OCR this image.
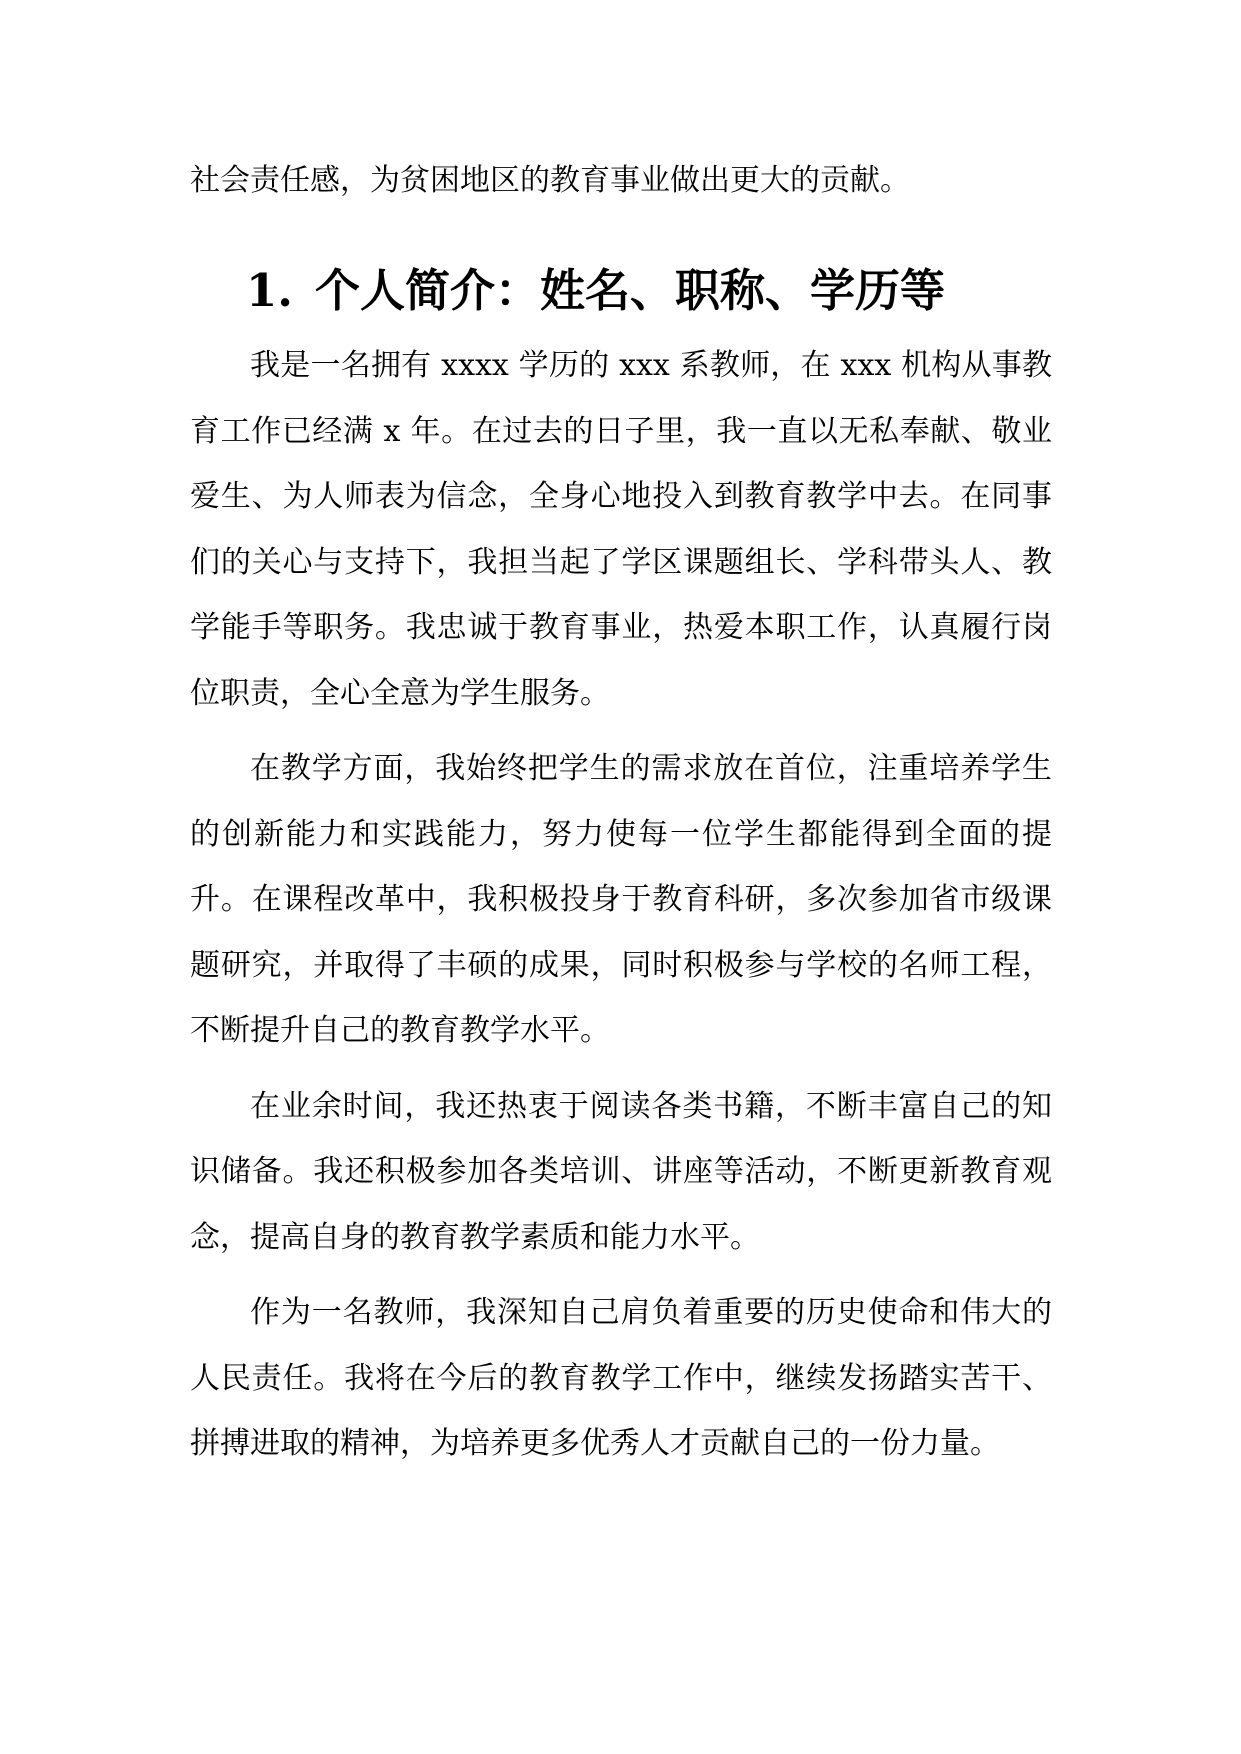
社会责任感，为贫困地区的教育事业做出更大的贡献。

1. 个人简介：姓名、职称、学历等

我是一名拥有 xxxx 学历的 xxx 系教师，在 xxx 机构从事教育工作已经满 x 年。在过去的日子里，我一直以无私奉献、敬业爱生、为人师表为信念，全身心地投入到教育教学中去。在同事们的关心与支持下，我担当起了学区课题组长、学科带头人、教学能手等职务。我忠诚于教育事业，热爱本职工作，认真履行岗位职责，全心全意为学生服务。

在教学方面，我始终把学生的需求放在首位，注重培养学生的创新能力和实践能力，努力使每一位学生都能得到全面的提升。在课程改革中，我积极投身于教育科研，多次参加省市级课题研究，并取得了丰硕的成果，同时积极参与学校的名师工程，不断提升自己的教育教学水平。

在业余时间，我还热衷于阅读各类书籍，不断丰富自己的知识储备。我还积极参加各类培训、讲座等活动，不断更新教育观念，提高自身的教育教学素质和能力水平。

作为一名教师，我深知自己肩负着重要的历史使命和伟大的人民责任。我将在今后的教育教学工作中，继续发扬踏实苦干、拼搏进取的精神，为培养更多优秀人才贡献自己的一份力量。
